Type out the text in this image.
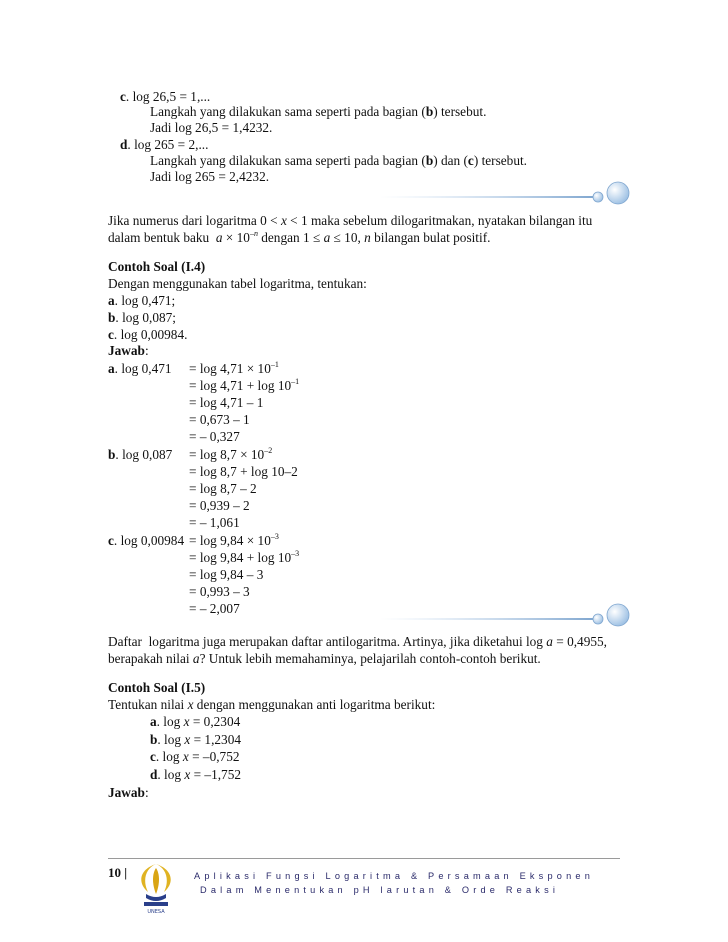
c. log 26,5 = 1,...
Langkah yang dilakukan sama seperti pada bagian (b) tersebut.
Jadi log 26,5 = 1,4232.
d. log 265 = 2,...
Langkah yang dilakukan sama seperti pada bagian (b) dan (c) tersebut.
Jadi log 265 = 2,4232.
Jika numerus dari logaritma 0 < x < 1 maka sebelum dilogaritmakan, nyatakan bilangan itu
dalam bentuk baku  $a \times 10^{-n}$ dengan 1 ≤ a ≤ 10, n bilangan bulat positif.
Contoh Soal (I.4)
Dengan menggunakan tabel logaritma, tentukan:
a. log 0,471;
b. log 0,087;
c. log 0,00984.
Jawab:
a. $\log 0,471 = \log 4,71 \times 10^{-1}$
= $\log 4,71 + \log 10^{-1}$
= log 4,71 – 1
= 0,673 – 1
= – 0,327
b. $\log 0,087 = \log 8,7 \times 10^{-2}$
= log 8,7 + log 10–2
= log 8,7 – 2
= 0,939 – 2
= – 1,061
c. $\log 0,00984 = \log 9,84 \times 10^{-3}$
= $\log 9,84 + \log 10^{-3}$
= log 9,84 – 3
= 0,993 – 3
= – 2,007
Daftar  logaritma juga merupakan daftar antilogaritma. Artinya, jika diketahui log a = 0,4955,
berapakah nilai a? Untuk lebih memahaminya, pelajarilah contoh-contoh berikut.
Contoh Soal (I.5)
Tentukan nilai x dengan menggunakan anti logaritma berikut:
a. log x = 0,2304
b. log x = 1,2304
c. log x = –0,752
d. log x = –1,752
Jawab:
10 |
UNESA
Aplikasi Fungsi Logaritma & Persamaan Eksponen
Dalam Menentukan pH larutan & Orde Reaksi
